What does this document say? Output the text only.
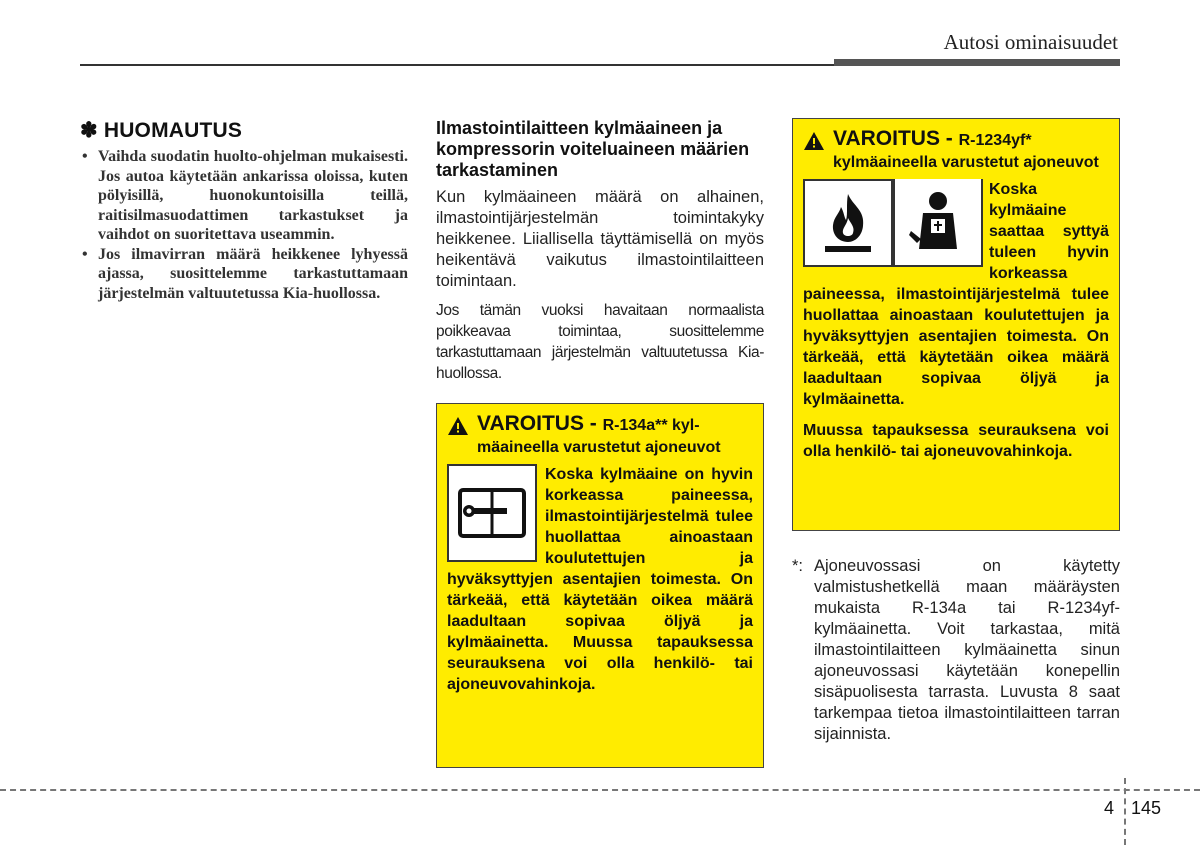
Autosi ominaisuudet
✽ HUOMAUTUS
• Vaihda suodatin huolto-ohjelman mukaisesti. Jos autoa käytetään ankarissa oloissa, kuten pölyisillä, huonokuntoisilla teillä, raitisilmasuodattimen tarkastukset ja vaihdot on suoritettava useammin.
• Jos ilmavirran määrä heikkenee lyhyessä ajassa, suosittelemme tarkastuttamaan järjestelmän valtuutetussa Kia-huollossa.
Ilmastointilaitteen kylmäaineen ja kompressorin voiteluaineen määrien tarkastaminen

Kun kylmäaineen määrä on alhainen, ilmastointijärjestelmän toimintakyky heikkenee. Liiallisella täyttämisellä on myös heikentävä vaikutus ilmastointilaitteen toimintaan.

Jos tämän vuoksi havaitaan normaalista poikkeavaa toimintaa, suosittelemme tarkastuttamaan järjestelmän valtuutetussa Kia-huollossa.

VAROITUS - R-134a** kyl-
mäaineella varustetut ajoneuvot
Koska kylmäaine on hyvin korkeassa paineessa, ilmastointijärjestelmä tulee huollattaa ainoastaan koulutettujen ja hyväksyttyjen asentajien toimesta. On tärkeää, että käytetään oikea määrä laadultaan sopivaa öljyä ja kylmäainetta. Muussa tapauksessa seurauksena voi olla henkilö- tai ajoneuvovahinkoja.
VAROITUS - R-1234yf*
kylmäaineella varustetut ajoneuvot
Koska kylmäaine saattaa syttyä tuleen hyvin korkeassa paineessa, ilmastointijärjestelmä tulee huollattaa ainoastaan koulutettujen ja hyväksyttyjen asentajien toimesta. On tärkeää, että käytetään oikea määrä laadultaan sopivaa öljyä ja kylmäainetta.
Muussa tapauksessa seurauksena voi olla henkilö- tai ajoneuvovahinkoja.
*: Ajoneuvossasi on käytetty valmistushetkellä maan määräysten mukaista R-134a tai R-1234yf-kylmäainetta. Voit tarkastaa, mitä ilmastointilaitteen kylmäainetta sinun ajoneuvossasi käytetään konepellin sisäpuolisesta tarrasta. Luvusta 8 saat tarkempaa tietoa ilmastointilaitteen tarran sijainnista.
4 145
